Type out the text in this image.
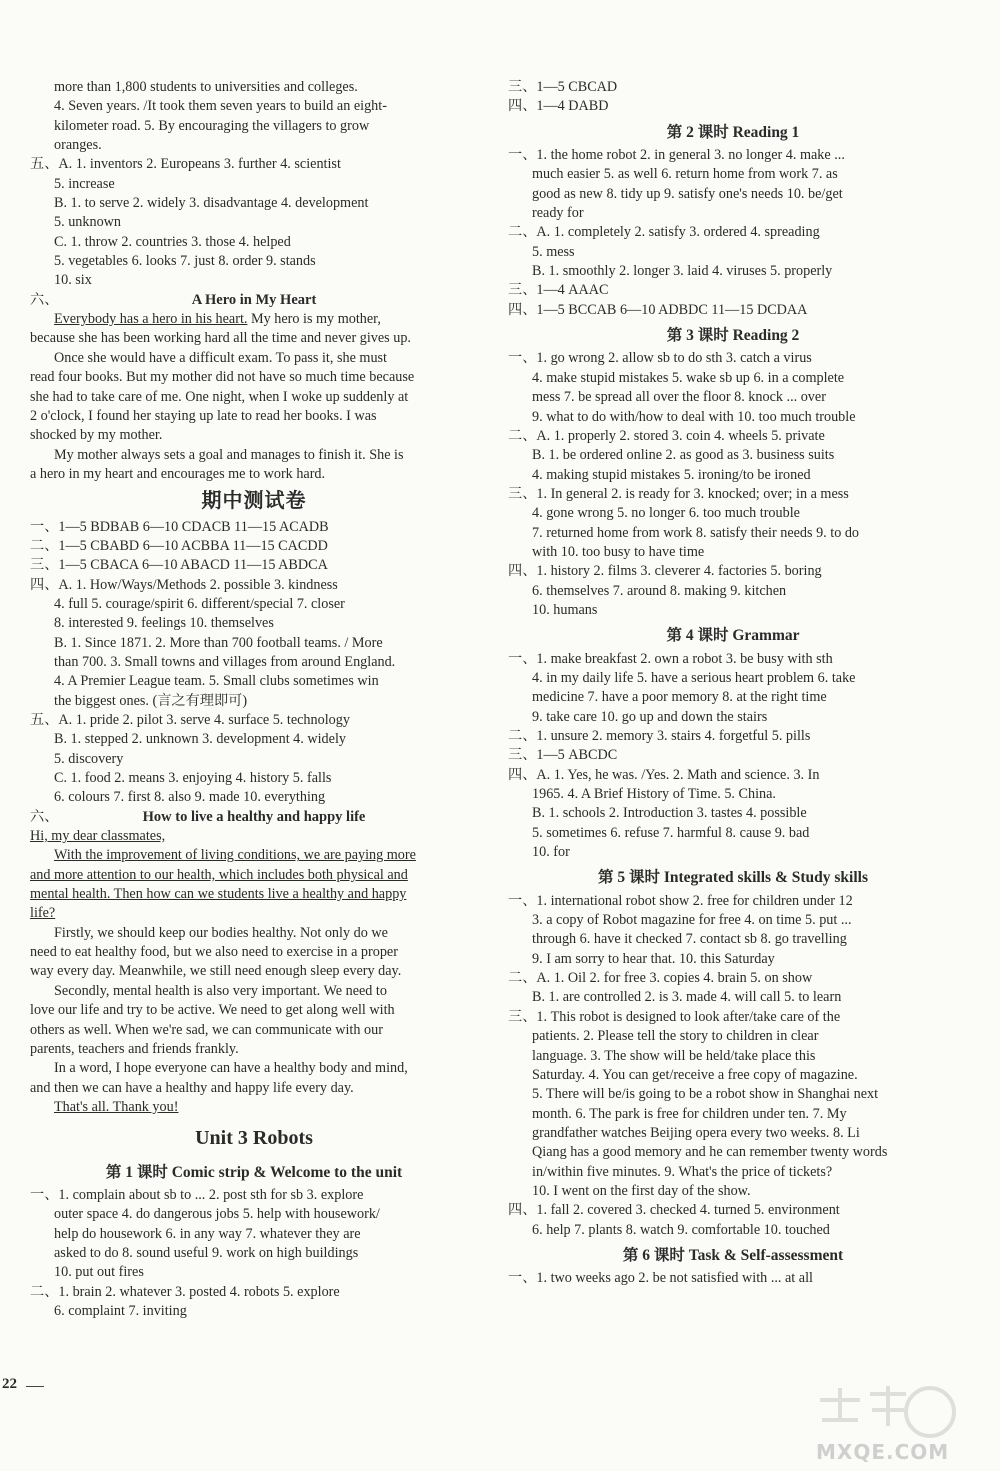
more than 1,800 students to universities and colleges.
4. Seven years. /It took them seven years to build an eight-
kilometer road. 5. By encouraging the villagers to grow
oranges.
五、A. 1. inventors 2. Europeans 3. further 4. scientist
5. increase
B. 1. to serve 2. widely 3. disadvantage 4. development
5. unknown
C. 1. throw 2. countries 3. those 4. helped
5. vegetables 6. looks 7. just 8. order 9. stands
10. six
六、	A Hero in My Heart
Everybody has a hero in his heart. My hero is my mother,
because she has been working hard all the time and never gives up.
Once she would have a difficult exam. To pass it, she must
read four books. But my mother did not have so much time because
she had to take care of me. One night, when I woke up suddenly at
2 o'clock, I found her staying up late to read her books. I was
shocked by my mother.
My mother always sets a goal and manages to finish it. She is
a hero in my heart and encourages me to work hard.
期中测试卷
一、1—5 BDBAB 6—10 CDACB 11—15 ACADB
二、1—5 CBABD 6—10 ACBBA 11—15 CACDD
三、1—5 CBACA 6—10 ABACD 11—15 ABDCA
四、A. 1. How/Ways/Methods 2. possible 3. kindness
4. full 5. courage/spirit 6. different/special 7. closer
8. interested 9. feelings 10. themselves
B. 1. Since 1871. 2. More than 700 football teams. / More
than 700. 3. Small towns and villages from around England.
4. A Premier League team. 5. Small clubs sometimes win
the biggest ones. (言之有理即可)
五、A. 1. pride 2. pilot 3. serve 4. surface 5. technology
B. 1. stepped 2. unknown 3. development 4. widely
5. discovery
C. 1. food 2. means 3. enjoying 4. history 5. falls
6. colours 7. first 8. also 9. made 10. everything
六、	How to live a healthy and happy life
Hi, my dear classmates,
With the improvement of living conditions, we are paying more
and more attention to our health, which includes both physical and
mental health. Then how can we students live a healthy and happy
life?
Firstly, we should keep our bodies healthy. Not only do we
need to eat healthy food, but we also need to exercise in a proper
way every day. Meanwhile, we still need enough sleep every day.
Secondly, mental health is also very important. We need to
love our life and try to be active. We need to get along well with
others as well. When we're sad, we can communicate with our
parents, teachers and friends frankly.
In a word, I hope everyone can have a healthy body and mind,
and then we can have a healthy and happy life every day.
That's all. Thank you!
Unit 3 Robots
第 1 课时 Comic strip & Welcome to the unit
一、1. complain about sb to ... 2. post sth for sb 3. explore
outer space 4. do dangerous jobs 5. help with housework/
help do housework 6. in any way 7. whatever they are
asked to do 8. sound useful 9. work on high buildings
10. put out fires
二、1. brain 2. whatever 3. posted 4. robots 5. explore
6. complaint 7. inviting
三、1—5 CBCAD
四、1—4 DABD
第 2 课时 Reading 1
一、1. the home robot 2. in general 3. no longer 4. make ...
much easier 5. as well 6. return home from work 7. as
good as new 8. tidy up 9. satisfy one's needs 10. be/get
ready for
二、A. 1. completely 2. satisfy 3. ordered 4. spreading
5. mess
B. 1. smoothly 2. longer 3. laid 4. viruses 5. properly
三、1—4 AAAC
四、1—5 BCCAB 6—10 ADBDC 11—15 DCDAA
第 3 课时 Reading 2
一、1. go wrong 2. allow sb to do sth 3. catch a virus
4. make stupid mistakes 5. wake sb up 6. in a complete
mess 7. be spread all over the floor 8. knock ... over
9. what to do with/how to deal with 10. too much trouble
二、A. 1. properly 2. stored 3. coin 4. wheels 5. private
B. 1. be ordered online 2. as good as 3. business suits
4. making stupid mistakes 5. ironing/to be ironed
三、1. In general 2. is ready for 3. knocked; over; in a mess
4. gone wrong 5. no longer 6. too much trouble
7. returned home from work 8. satisfy their needs 9. to do
with 10. too busy to have time
四、1. history 2. films 3. cleverer 4. factories 5. boring
6. themselves 7. around 8. making 9. kitchen
10. humans
第 4 课时 Grammar
一、1. make breakfast 2. own a robot 3. be busy with sth
4. in my daily life 5. have a serious heart problem 6. take
medicine 7. have a poor memory 8. at the right time
9. take care 10. go up and down the stairs
二、1. unsure 2. memory 3. stairs 4. forgetful 5. pills
三、1—5 ABCDC
四、A. 1. Yes, he was. /Yes. 2. Math and science. 3. In
1965. 4. A Brief History of Time. 5. China.
B. 1. schools 2. Introduction 3. tastes 4. possible
5. sometimes 6. refuse 7. harmful 8. cause 9. bad
10. for
第 5 课时 Integrated skills & Study skills
一、1. international robot show 2. free for children under 12
3. a copy of Robot magazine for free 4. on time 5. put ...
through 6. have it checked 7. contact sb 8. go travelling
9. I am sorry to hear that. 10. this Saturday
二、A. 1. Oil 2. for free 3. copies 4. brain 5. on show
B. 1. are controlled 2. is 3. made 4. will call 5. to learn
三、1. This robot is designed to look after/take care of the
patients. 2. Please tell the story to children in clear
language. 3. The show will be held/take place this
Saturday. 4. You can get/receive a free copy of magazine.
5. There will be/is going to be a robot show in Shanghai next
month. 6. The park is free for children under ten. 7. My
grandfather watches Beijing opera every two weeks. 8. Li
Qiang has a good memory and he can remember twenty words
in/within five minutes. 9. What's the price of tickets?
10. I went on the first day of the show.
四、1. fall 2. covered 3. checked 4. turned 5. environment
6. help 7. plants 8. watch 9. comfortable 10. touched
第 6 课时 Task & Self-assessment
一、1. two weeks ago 2. be not satisfied with ... at all
22
MXQE.COM
